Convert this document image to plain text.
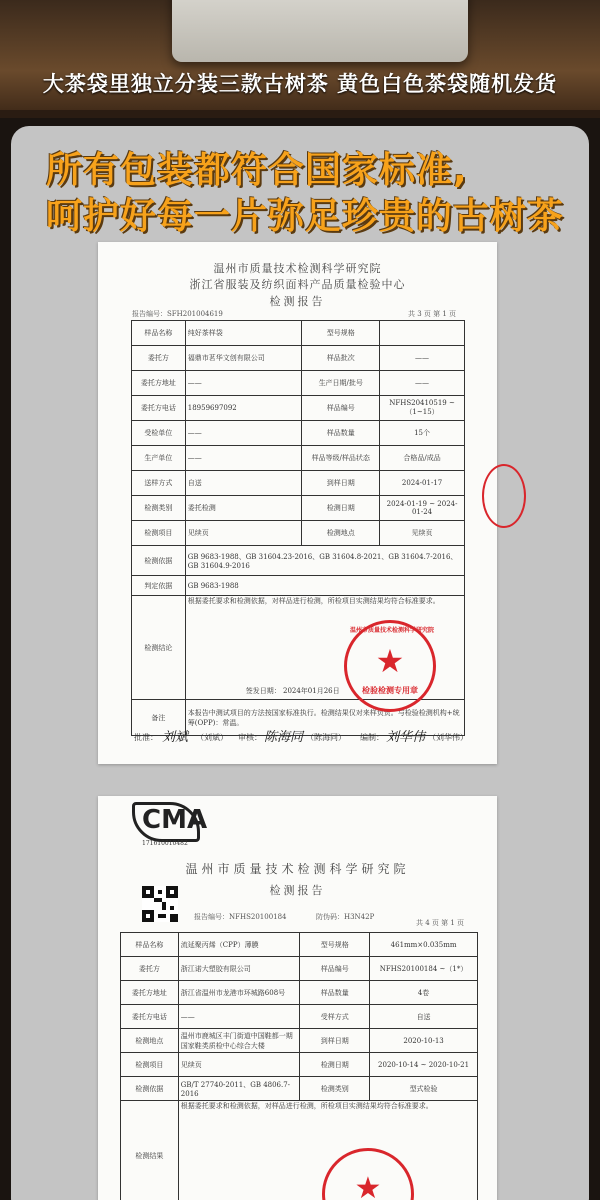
大茶袋里独立分装三款古树茶 黄色白色茶袋随机发货
所有包装都符合国家标准,
呵护好每一片弥足珍贵的古树茶
温州市质量技术检测科学研究院
浙江省服装及纺织面料产品质量检验中心
检测报告
报告编号：SFH201004619	共 3 页 第 1 页
样品名称	纯好茶样袋	型号规格	
委托方	福鼎市茗华文创有限公司	样品批次	——
委托方地址	——	生产日期/批号	——
委托方电话	18959697092	样品编号	NFHS20410519 ~（1~15）
受检单位	——	样品数量	15个
生产单位	——	样品等级/样品状态	合格品/成品
送样方式	自送	到样日期	2024-01-17
检测类别	委托检测	检测日期	2024-01-19 ~ 2024-01-24
检测项目	见续页	检测地点	见续页
检测依据	GB 9683-1988、GB 31604.23-2016、GB 31604.8-2021、GB 31604.7-2016、GB 31604.9-2016		
判定依据	GB 9683-1988		
检测结论	根据委托要求和检测依据，对样品进行检测，所检项目实测结果均符合标准要求。
签发日期： 2024年01月26日		

备注	本报告中测试项目的方法按国家标准执行。检测结果仅对来样负责。与检验检测机构+统筹(OPP)：常温。		
★
温州市质量技术检测科学研究院
检验检测专用章
批准： 刘斌 （刘斌） 审核： 陈海同 （陈海同） 编制： 刘华伟 （刘华伟）
CMA
171610010482
温州市质量技术检测科学研究院
检测报告
报告编号：NFHS20100184	防伪码：H3N42P
共 4 页 第 1 页
样品名称	流延聚丙烯（CPP）薄膜	型号规格	461mm×0.035mm
委托方	浙江诺大塑胶有限公司	样品编号	NFHS20100184 ~（1*）
委托方地址	浙江省温州市龙港市环城路608号	样品数量	4卷
委托方电话	——	受样方式	自送
检测地点	温州市鹿城区丰门街道中国鞋都一期国家鞋类质检中心综合大楼	到样日期	2020-10-13
检测项目	见续页	检测日期	2020-10-14 ~ 2020-10-21
检测依据	GB/T 27740-2011、GB 4806.7-2016	检测类别	型式检验
检测结果	根据委托要求和检测依据，对样品进行检测，所检项目实测结果均符合标准要求。		
★
